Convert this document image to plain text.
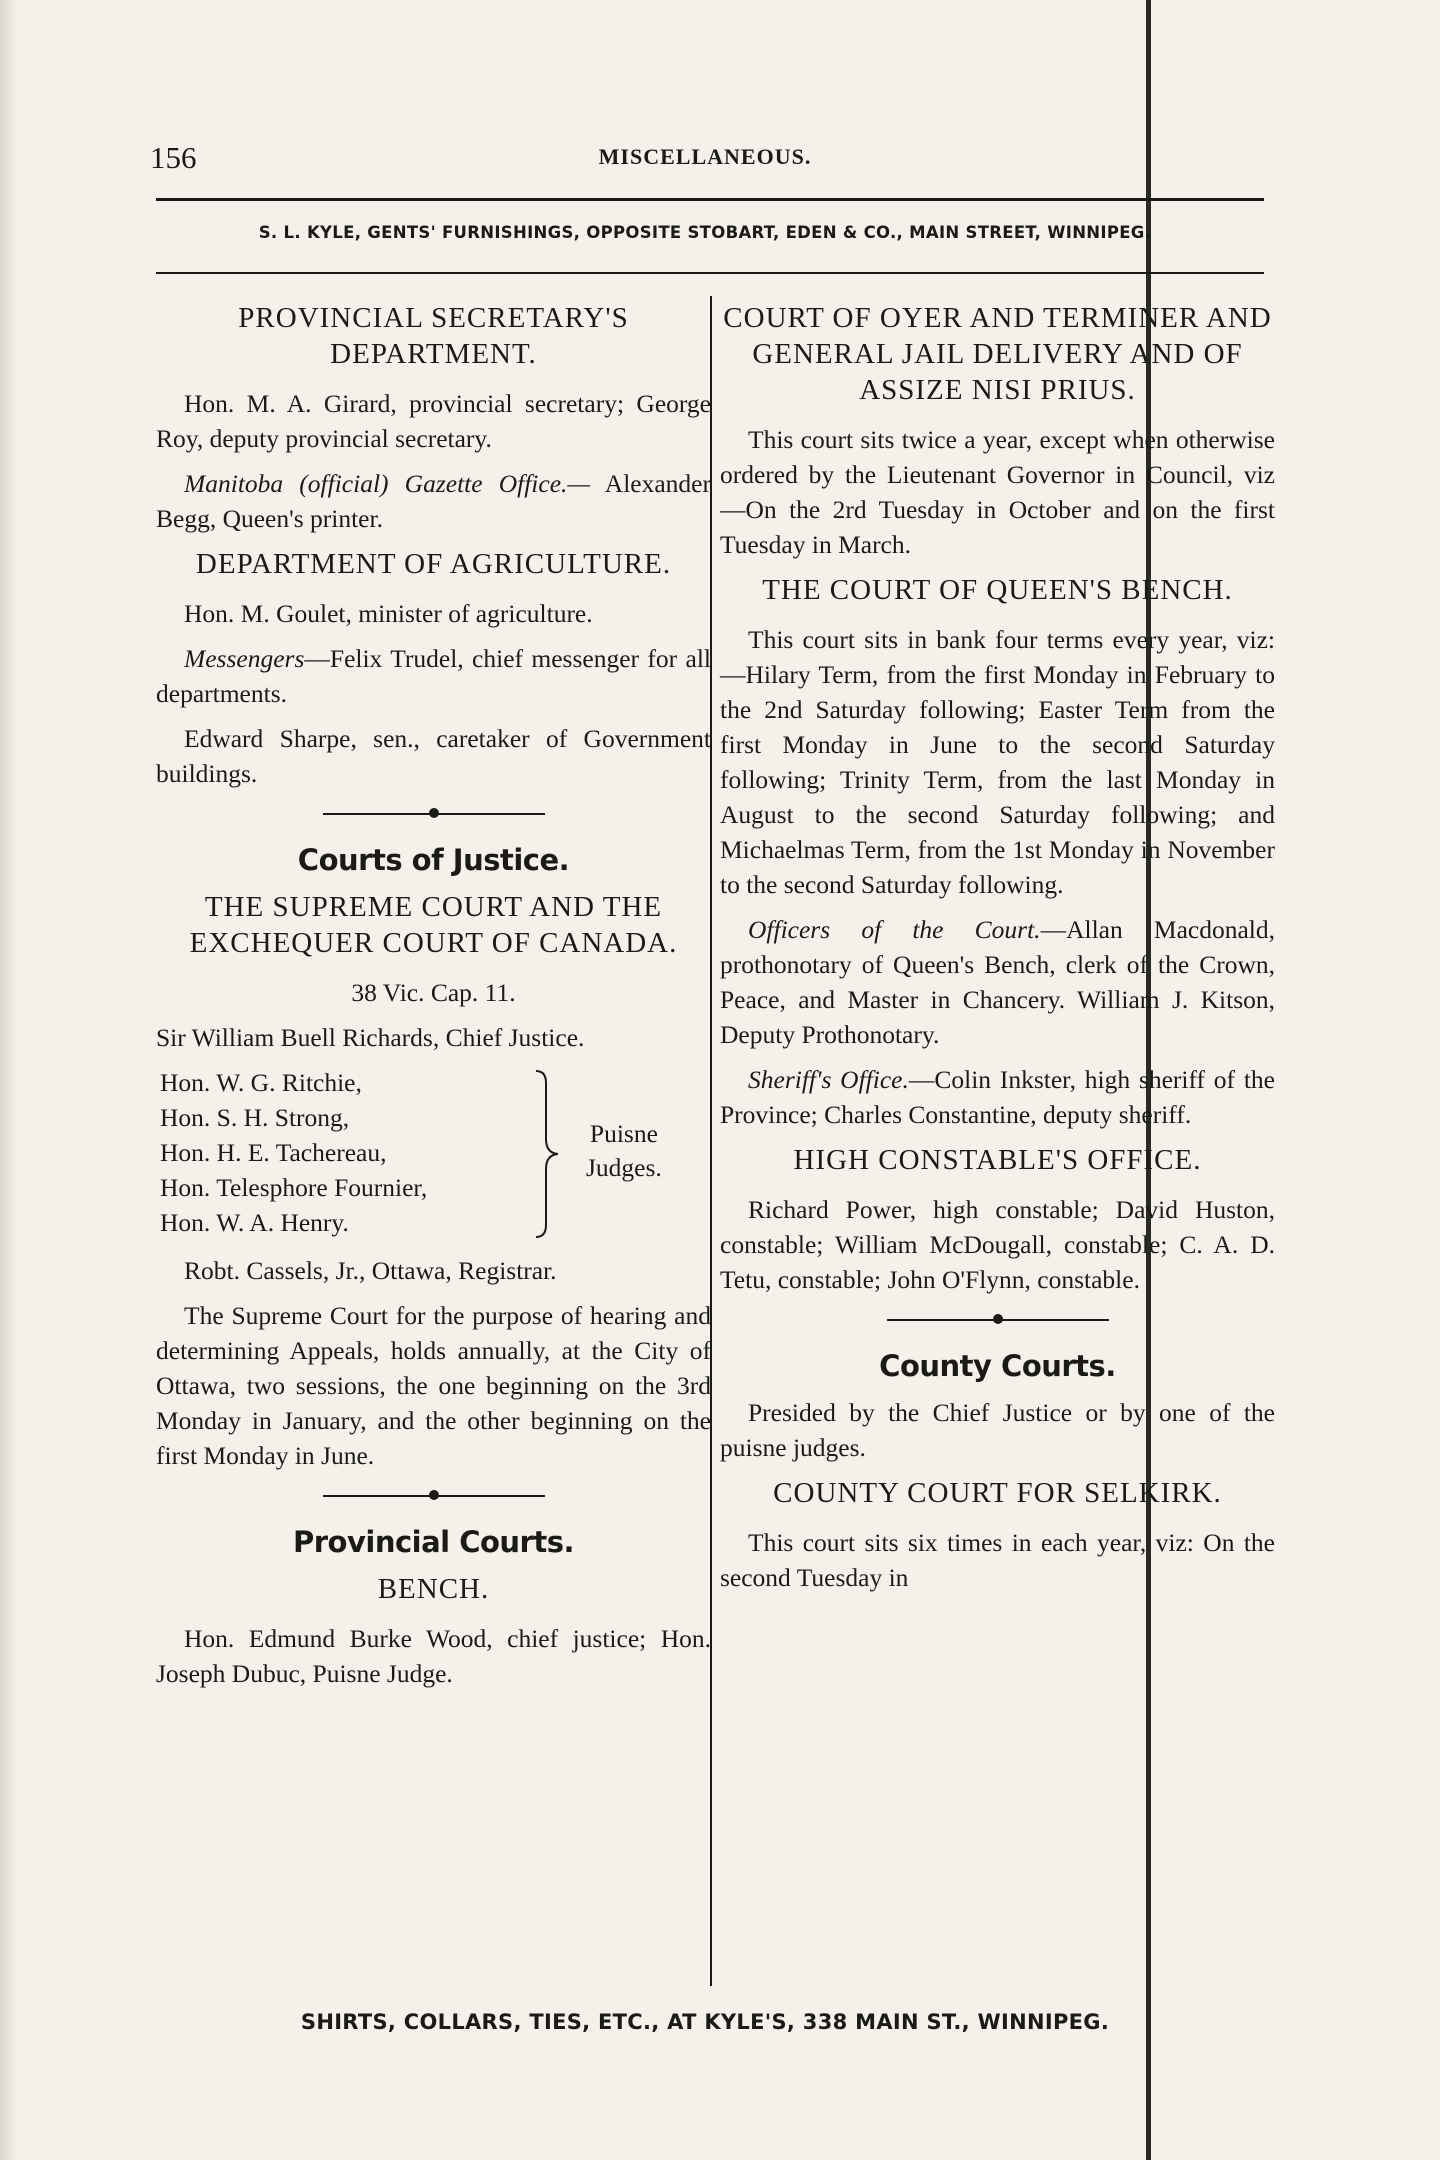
156	MISCELLANEOUS.
S. L. KYLE, GENTS' FURNISHINGS, OPPOSITE STOBART, EDEN & CO., MAIN STREET, WINNIPEG.
PROVINCIAL SECRETARY'S DEPARTMENT.

Hon. M. A. Girard, provincial secretary; George Roy, deputy provincial secretary.

Manitoba (official) Gazette Office.— Alexander Begg, Queen's printer.

DEPARTMENT OF AGRICULTURE.

Hon. M. Goulet, minister of agriculture.

Messengers—Felix Trudel, chief messenger for all departments.

Edward Sharpe, sen., caretaker of Government buildings.

Courts of Justice.
THE SUPREME COURT AND THE EXCHEQUER COURT OF CANADA.
38 Vic. Cap. 11.

Sir William Buell Richards, Chief Justice.

Hon. W. G. Ritchie,
Hon. S. H. Strong,
Hon. H. E. Tachereau,
Hon. Telesphore Fournier,
Hon. W. A. Henry.
Puisne
Judges.

Robt. Cassels, Jr., Ottawa, Registrar.

The Supreme Court for the purpose of hearing and determining Appeals, holds annually, at the City of Ottawa, two sessions, the one beginning on the 3rd Monday in January, and the other beginning on the first Monday in June.

Provincial Courts.
BENCH.

Hon. Edmund Burke Wood, chief justice; Hon. Joseph Dubuc, Puisne Judge.

COURT OF OYER AND TERMINER AND GENERAL JAIL DELIVERY AND OF ASSIZE NISI PRIUS.

This court sits twice a year, except when otherwise ordered by the Lieutenant Governor in Council, viz —On the 2rd Tuesday in October and on the first Tuesday in March.

THE COURT OF QUEEN'S BENCH.

This court sits in bank four terms every year, viz:—Hilary Term, from the first Monday in February to the 2nd Saturday following; Easter Term from the first Monday in June to the second Saturday following; Trinity Term, from the last Monday in August to the second Saturday following; and Michaelmas Term, from the 1st Monday in November to the second Saturday following.

Officers of the Court.—Allan Macdonald, prothonotary of Queen's Bench, clerk of the Crown, Peace, and Master in Chancery. William J. Kitson, Deputy Prothonotary.

Sheriff's Office.—Colin Inkster, high sheriff of the Province; Charles Constantine, deputy sheriff.

HIGH CONSTABLE'S OFFICE.

Richard Power, high constable; David Huston, constable; William McDougall, constable; C. A. D. Tetu, constable; John O'Flynn, constable.

County Courts.

Presided by the Chief Justice or by one of the puisne judges.

COUNTY COURT FOR SELKIRK.

This court sits six times in each year, viz: On the second Tuesday in

SHIRTS, COLLARS, TIES, ETC., AT KYLE'S, 338 MAIN ST., WINNIPEG.
